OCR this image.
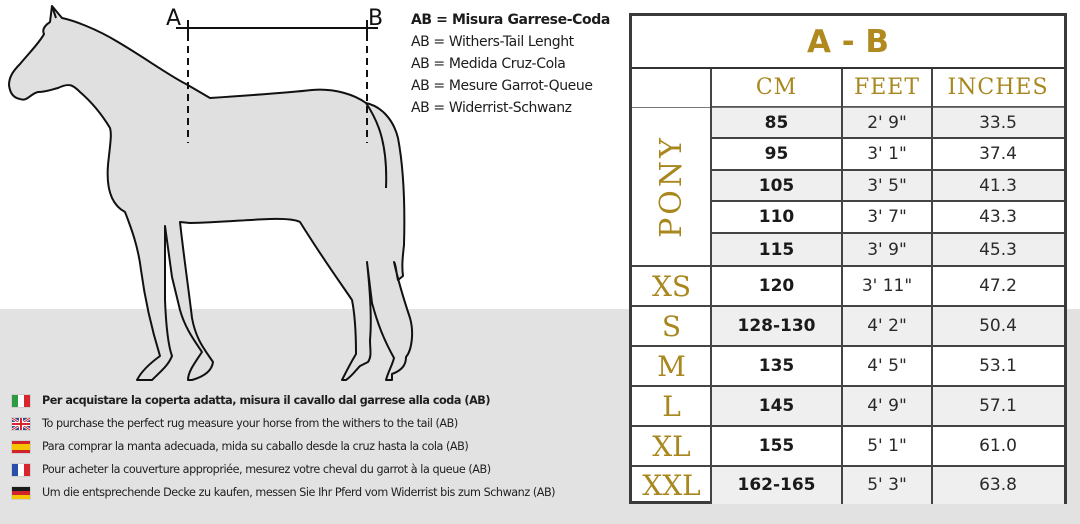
A	B AB = Misura Garrese-Coda
AB = Withers-Tail Lenght
AB = Medida Cruz-Cola
AB = Mesure Garrot-Queue
AB = Widerrist-Schwanz
Per acquistare la coperta adatta, misura il cavallo dal garrese alla coda (AB)
To purchase the perfect rug measure your horse from the withers to the tail (AB)
Para comprar la manta adecuada, mida su caballo desde la cruz hasta la cola (AB)
Pour acheter la couverture appropriée, mesurez votre cheval du garrot à la queue (AB)
Um die entsprechende Decke zu kaufen, messen Sie Ihr Pferd vom Widerrist bis zum Schwanz (AB)
A - B
CM	FEET	INCHES
PONY
85	2' 9"	33.5
95	3' 1"	37.4
105	3' 5"	41.3
110	3' 7"	43.3
115	3' 9"	45.3
XS	120	3' 11"	47.2
S	128-130	4' 2"	50.4
M	135	4' 5"	53.1
L	145	4' 9"	57.1
XL	155	5' 1"	61.0
XXL	162-165	5' 3"	63.8
